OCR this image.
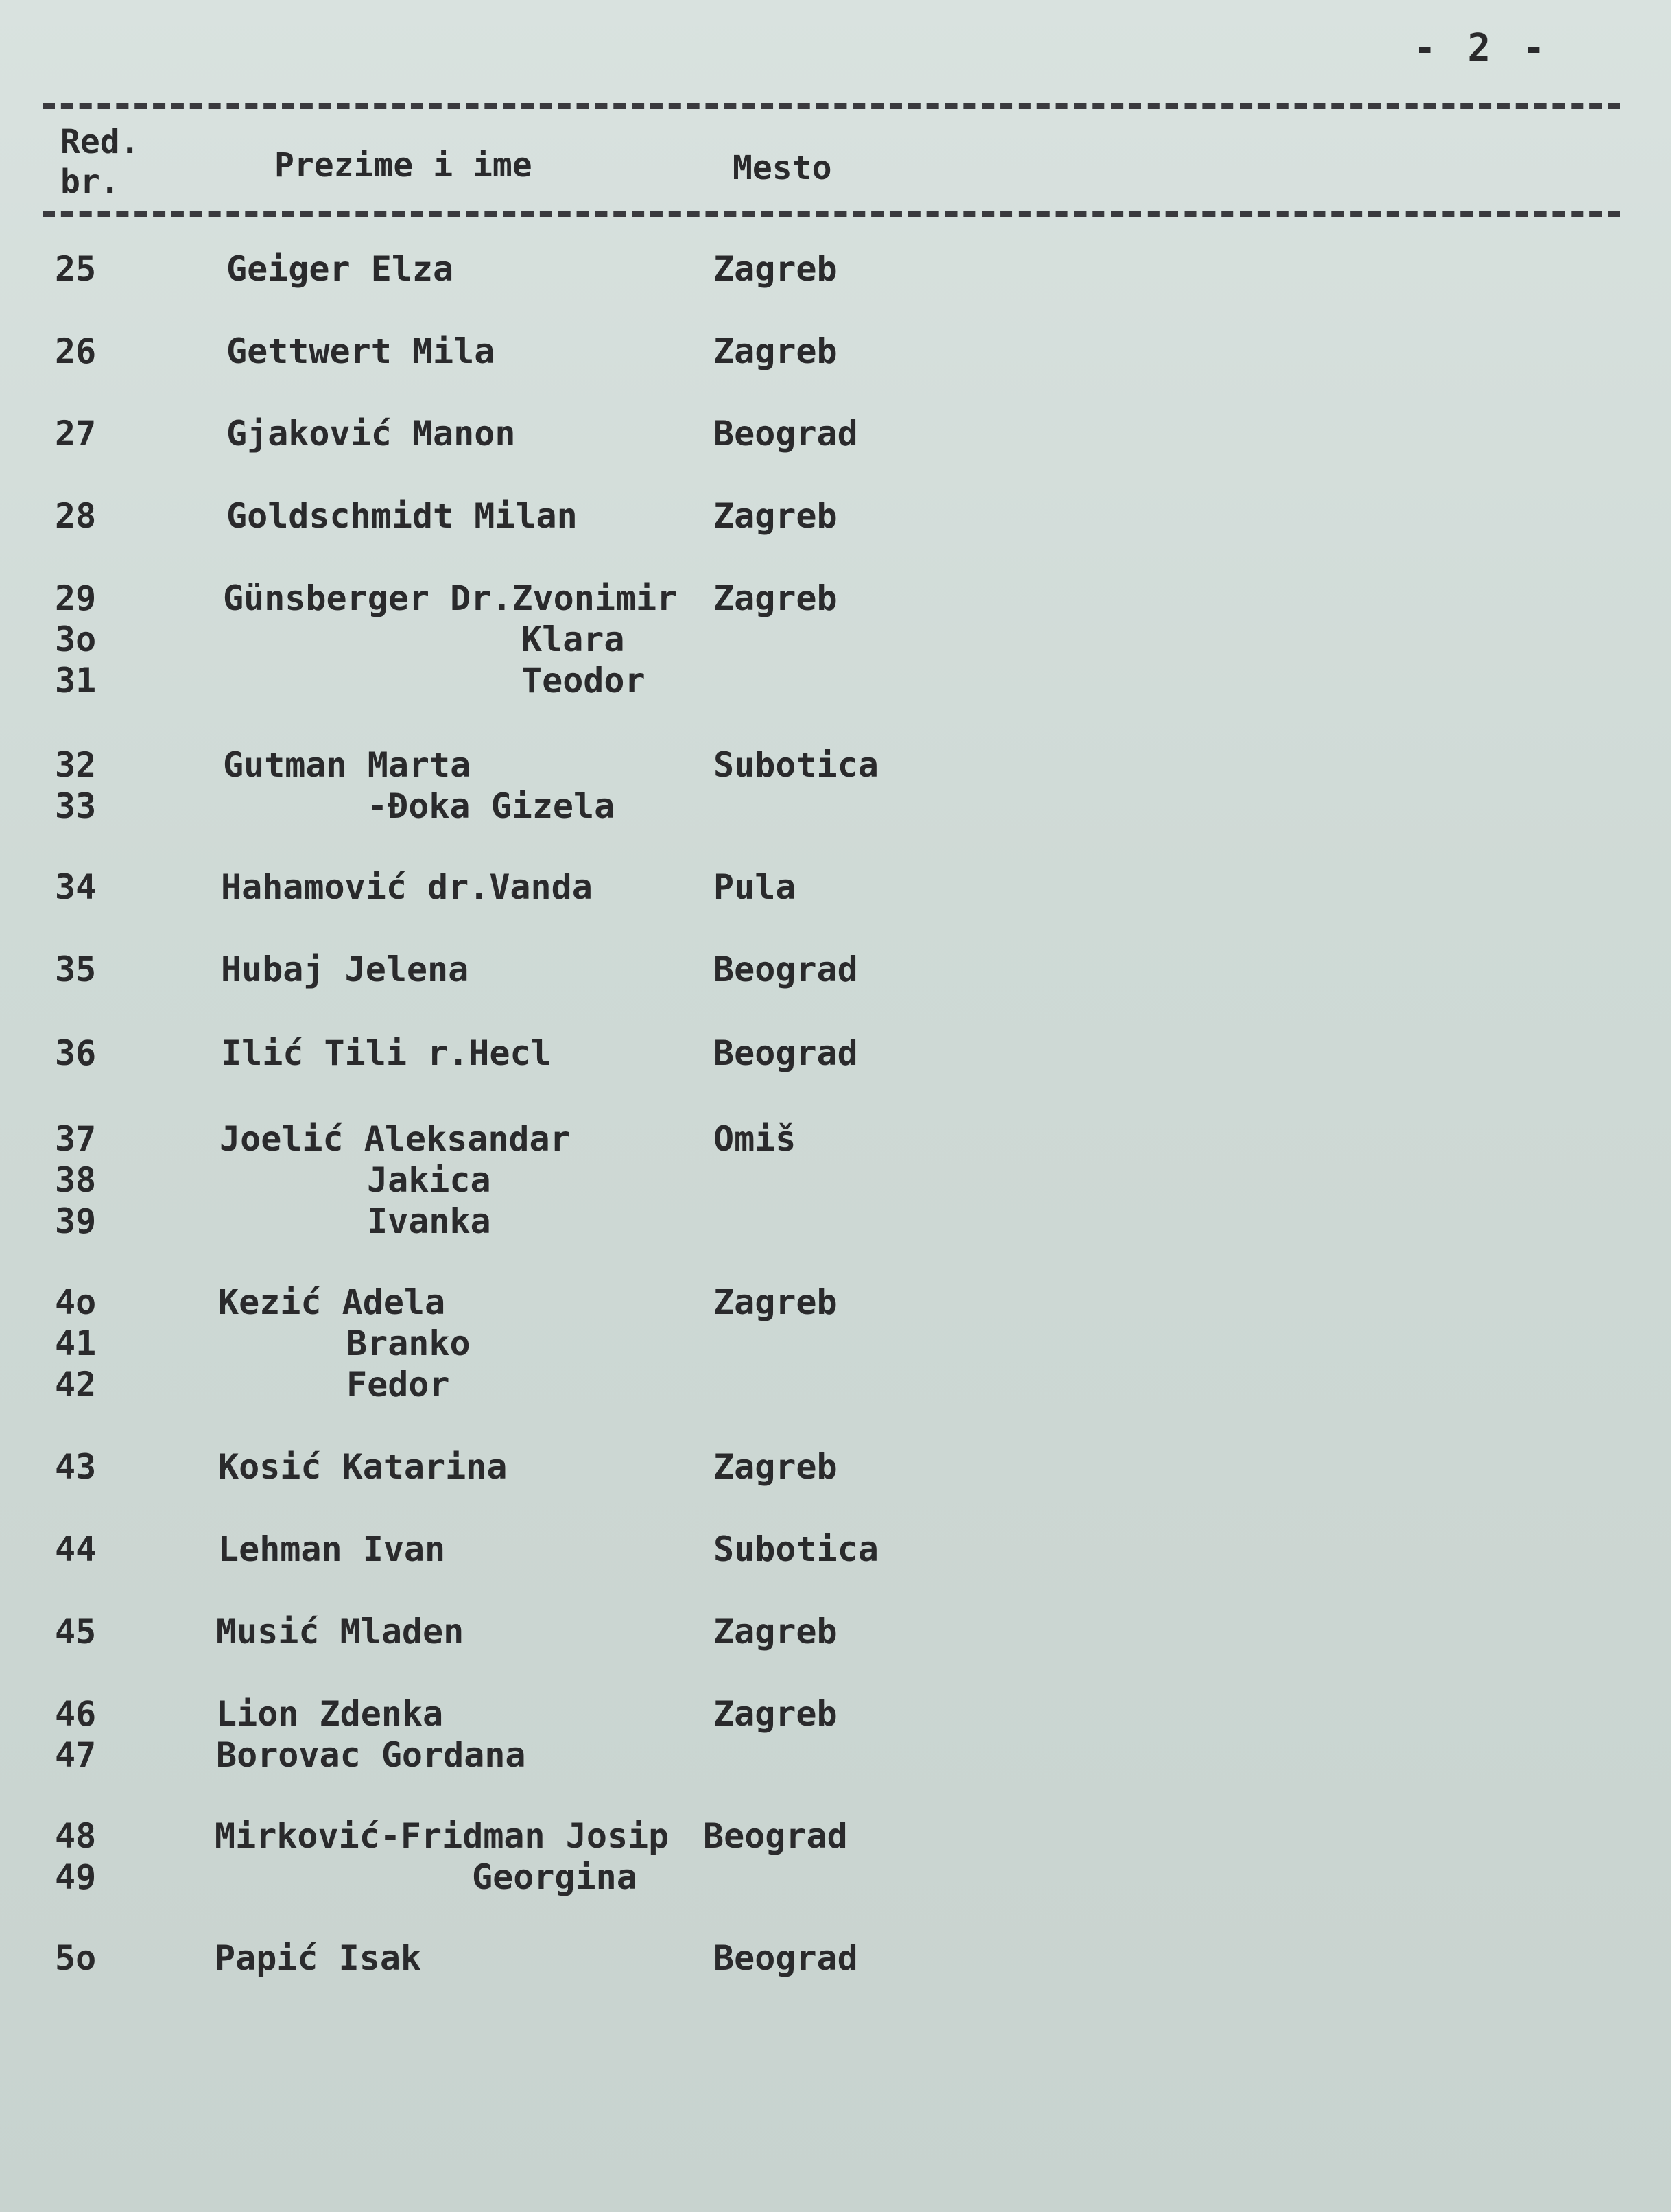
- 2 -
Red.
br.	Prezime i ime	Mesto
25	Geiger Elza	Zagreb
26	Gettwert Mila	Zagreb
27	Gjaković Manon	Beograd
28	Goldschmidt Milan	Zagreb
29	Günsberger Dr.Zvonimir Zagreb
3o	Klara
31	Teodor
32	Gutman Marta	Subotica
33	-Đoka Gizela
34	Hahamović dr.Vanda	Pula
35	Hubaj Jelena	Beograd
36	Ilić Tili r.Hecl	Beograd
37	Joelić Aleksandar	Omiš
38	Jakica
39	Ivanka
4o	Kezić Adela	Zagreb
41	Branko
42	Fedor
43	Kosić Katarina	Zagreb
44	Lehman Ivan	Subotica
45	Musić Mladen	Zagreb
46	Lion Zdenka	Zagreb
47	Borovac Gordana
48	Mirković-Fridman Josip Beograd
49	Georgina
5o	Papić Isak	Beograd
